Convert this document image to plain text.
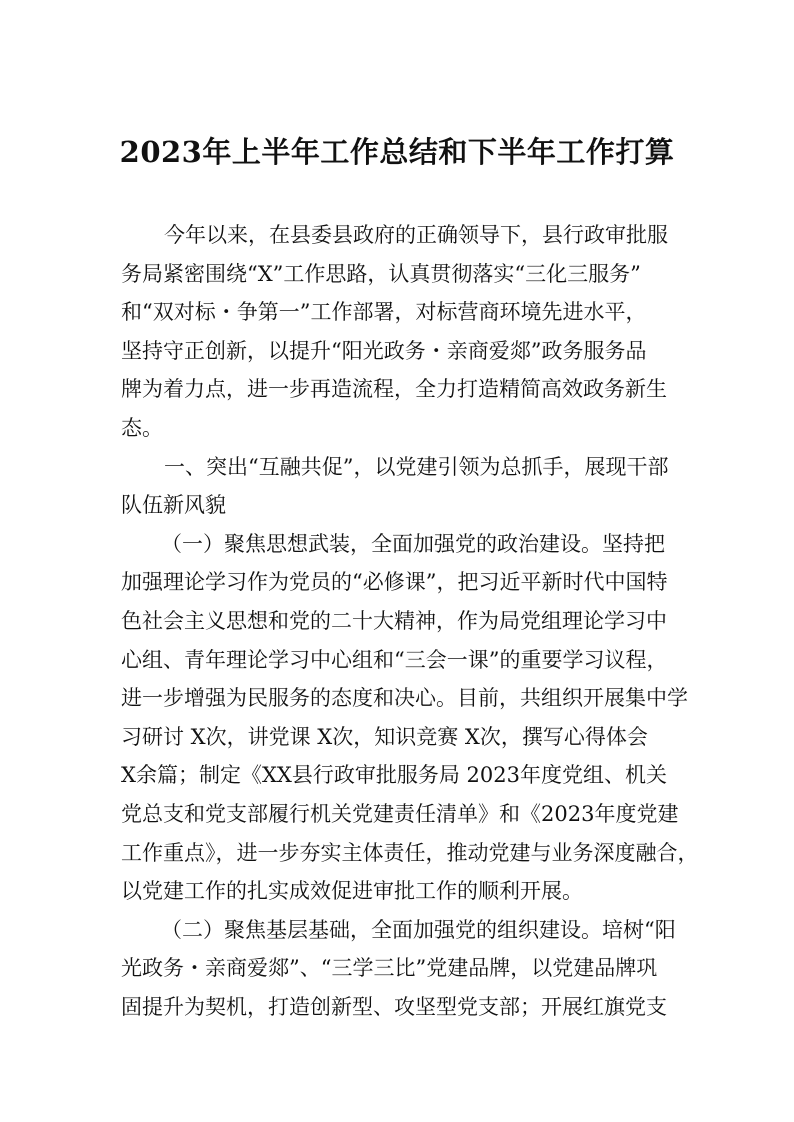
2023年上半年工作总结和下半年工作打算
今年以来，在县委县政府的正确领导下，县行政审批服
务局紧密围绕“X”工作思路，认真贯彻落实“三化三服务”
和“双对标・争第一”工作部署，对标营商环境先进水平，
坚持守正创新，以提升“阳光政务・亲商爱郯”政务服务品
牌为着力点，进一步再造流程，全力打造精简高效政务新生
态。
一、突出“互融共促”，以党建引领为总抓手，展现干部
队伍新风貌
（一）聚焦思想武装，全面加强党的政治建设。坚持把
加强理论学习作为党员的“必修课”，把习近平新时代中国特
色社会主义思想和党的二十大精神，作为局党组理论学习中
心组、青年理论学习中心组和“三会一课”的重要学习议程，
进一步增强为民服务的态度和决心。目前，共组织开展集中学
习研讨 X次，讲党课 X次，知识竞赛 X次，撰写心得体会
X余篇；制定《XX县行政审批服务局 2023年度党组、机关
党总支和党支部履行机关党建责任清单》和《2023年度党建
工作重点》，进一步夯实主体责任，推动党建与业务深度融合，
以党建工作的扎实成效促进审批工作的顺利开展。
（二）聚焦基层基础，全面加强党的组织建设。培树“阳
光政务・亲商爱郯”、“三学三比”党建品牌，以党建品牌巩
固提升为契机，打造创新型、攻坚型党支部；开展红旗党支
